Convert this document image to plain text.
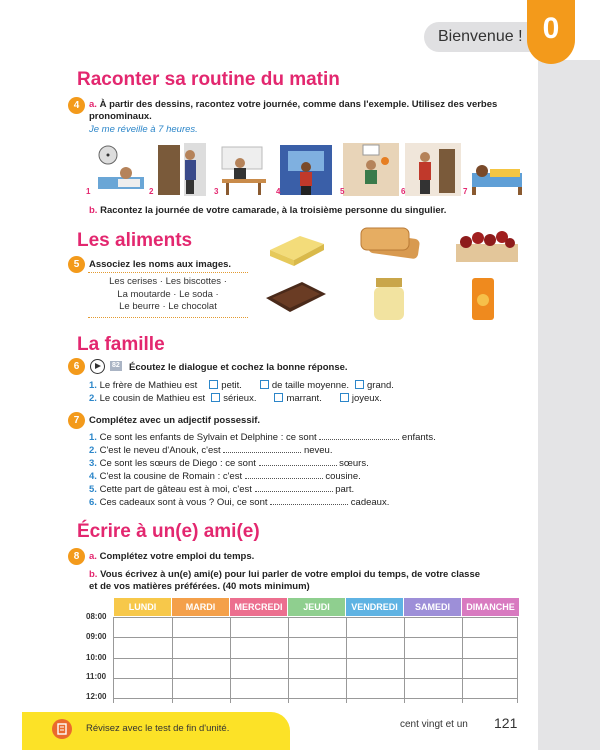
Bienvenue ! 0
Raconter sa routine du matin
4	a. À partir des dessins, racontez votre journée, comme dans l'exemple. Utilisez des verbes
pronominaux.
Je me réveille à 7 heures.
1	2	3	4	5	6	7
b. Racontez la journée de votre camarade, à la troisième personne du singulier.
Les aliments
5	Associez les noms aux images.
Les cerises · Les biscottes ·
La moutarde · Le soda ·
Le beurre · Le chocolat
La famille
6	82 Écoutez le dialogue et cochez la bonne réponse.
1. Le frère de Mathieu est	petit.	de taille moyenne. grand.
2. Le cousin de Mathieu est sérieux.	marrant.	joyeux.
7	Complétez avec un adjectif possessif.
1. Ce sont les enfants de Sylvain et Delphine : ce sont	enfants.
2. C'est le neveu d'Anouk, c'est	neveu.
3. Ce sont les sœurs de Diego : ce sont	sœurs.
4. C'est la cousine de Romain : c'est	cousine.
5. Cette part de gâteau est à moi, c'est	part.
6. Ces cadeaux sont à vous ? Oui, ce sont	cadeaux.
Écrire à un(e) ami(e)
8	a. Complétez votre emploi du temps.
b. Vous écrivez à un(e) ami(e) pour lui parler de votre emploi du temps, de votre classe
et de vos matières préférées. (40 mots minimum)
LUNDI	MARDI	MERCREDI	JEUDI	VENDREDI	SAMEDI	DIMANCHE
08:00
09:00
10:00
11:00
12:00
Révisez avec le test de fin d'unité.	cent vingt et un 121
